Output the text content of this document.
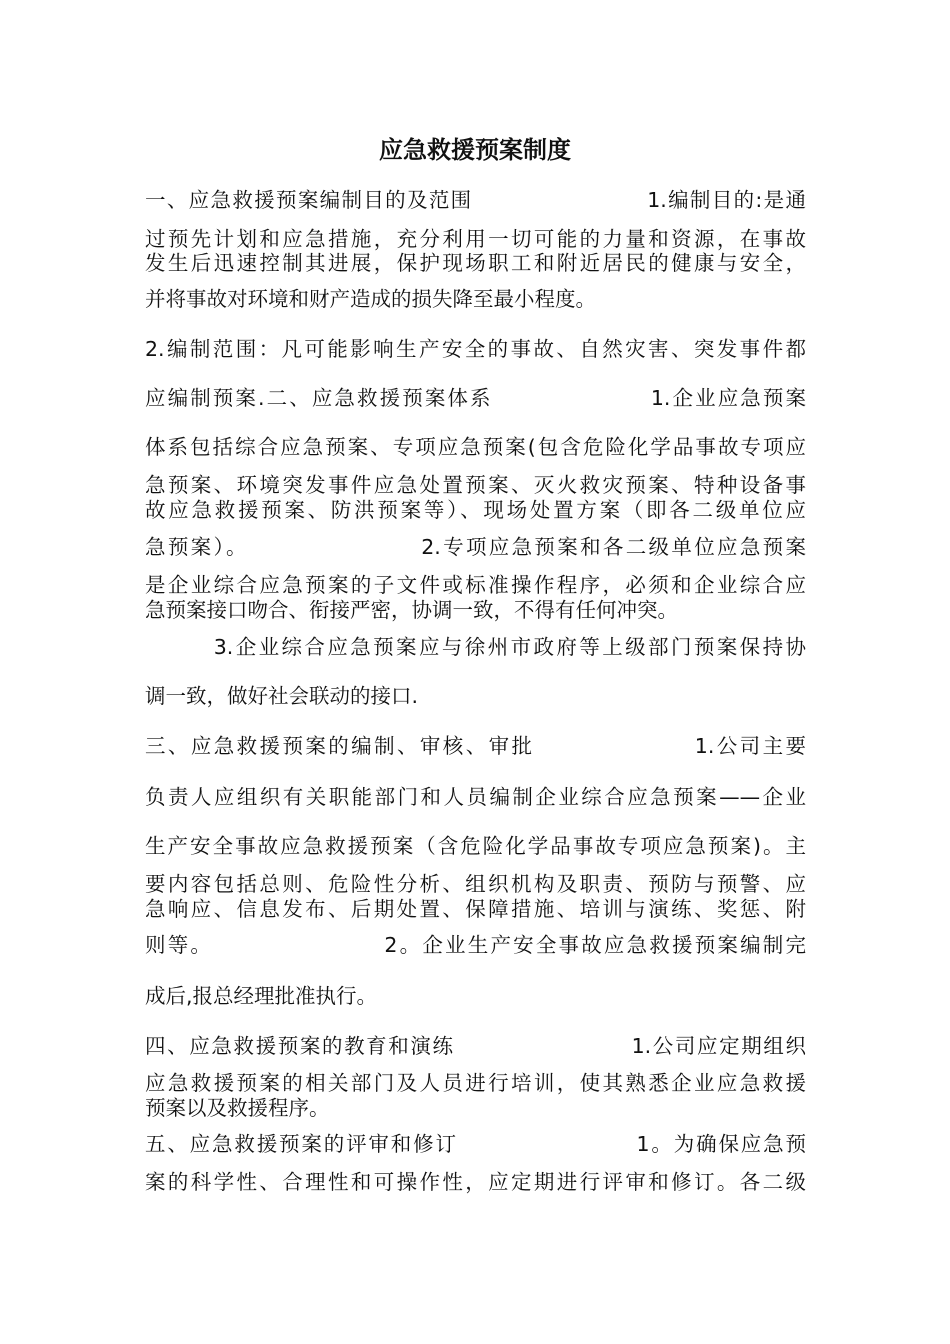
应急救援预案制度
一、应急救援预案编制目的及范围　　　　　　　　1.编制目的:是通
过预先计划和应急措施，充分利用一切可能的力量和资源，在事故
发生后迅速控制其进展，保护现场职工和附近居民的健康与安全，
并将事故对环境和财产造成的损失降至最小程度。
2.编制范围：凡可能影响生产安全的事故、自然灾害、突发事件都
应编制预案.二、应急救援预案体系　　　　　　　1.企业应急预案
体系包括综合应急预案、专项应急预案(包含危险化学品事故专项应
急预案、环境突发事件应急处置预案、灭火救灾预案、特种设备事
故应急救援预案、防洪预案等）、现场处置方案（即各二级单位应
急预案）。　　　　　　　　2.专项应急预案和各二级单位应急预案
是企业综合应急预案的子文件或标准操作程序，必须和企业综合应
急预案接口吻合、衔接严密，协调一致，不得有任何冲突。
　　　3.企业综合应急预案应与徐州市政府等上级部门预案保持协
调一致，做好社会联动的接口.
三、应急救援预案的编制、审核、审批　　　　　　　1.公司主要
负责人应组织有关职能部门和人员编制企业综合应急预案——企业
生产安全事故应急救援预案（含危险化学品事故专项应急预案)。主
要内容包括总则、危险性分析、组织机构及职责、预防与预警、应
急响应、信息发布、后期处置、保障措施、培训与演练、奖惩、附
则等。　　　　　　　　2。企业生产安全事故应急救援预案编制完
成后,报总经理批准执行。
四、应急救援预案的教育和演练　　　　　　　　1.公司应定期组织
应急救援预案的相关部门及人员进行培训，使其熟悉企业应急救援
预案以及救援程序。
五、应急救援预案的评审和修订　　　　　　　　1。为确保应急预
案的科学性、合理性和可操作性，应定期进行评审和修订。各二级
